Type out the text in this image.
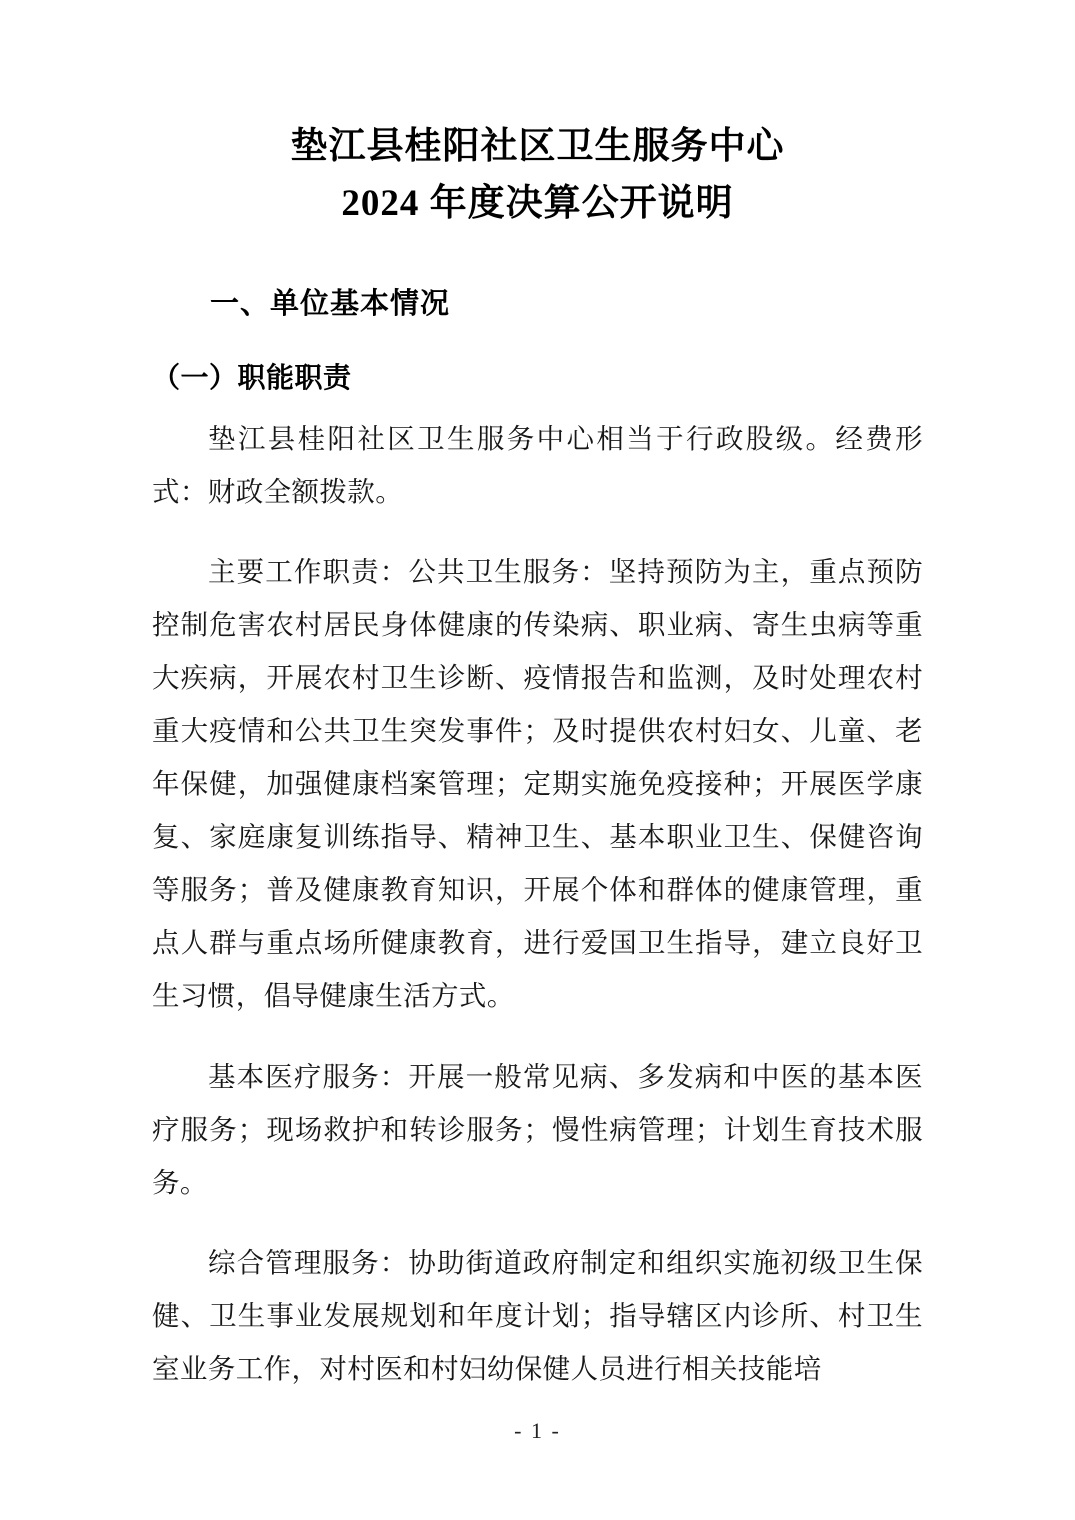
垫江县桂阳社区卫生服务中心
2024 年度决算公开说明
一、单位基本情况
（一）职能职责

垫江县桂阳社区卫生服务中心相当于行政股级。经费形式：财政全额拨款。

主要工作职责：公共卫生服务：坚持预防为主，重点预防控制危害农村居民身体健康的传染病、职业病、寄生虫病等重大疾病，开展农村卫生诊断、疫情报告和监测，及时处理农村重大疫情和公共卫生突发事件；及时提供农村妇女、儿童、老年保健，加强健康档案管理；定期实施免疫接种；开展医学康复、家庭康复训练指导、精神卫生、基本职业卫生、保健咨询等服务；普及健康教育知识，开展个体和群体的健康管理，重点人群与重点场所健康教育，进行爱国卫生指导，建立良好卫生习惯，倡导健康生活方式。

基本医疗服务：开展一般常见病、多发病和中医的基本医疗服务；现场救护和转诊服务；慢性病管理；计划生育技术服务。

综合管理服务：协助街道政府制定和组织实施初级卫生保健、卫生事业发展规划和年度计划；指导辖区内诊所、村卫生室业务工作，对村医和村妇幼保健人员进行相关技能培

- 1 -
